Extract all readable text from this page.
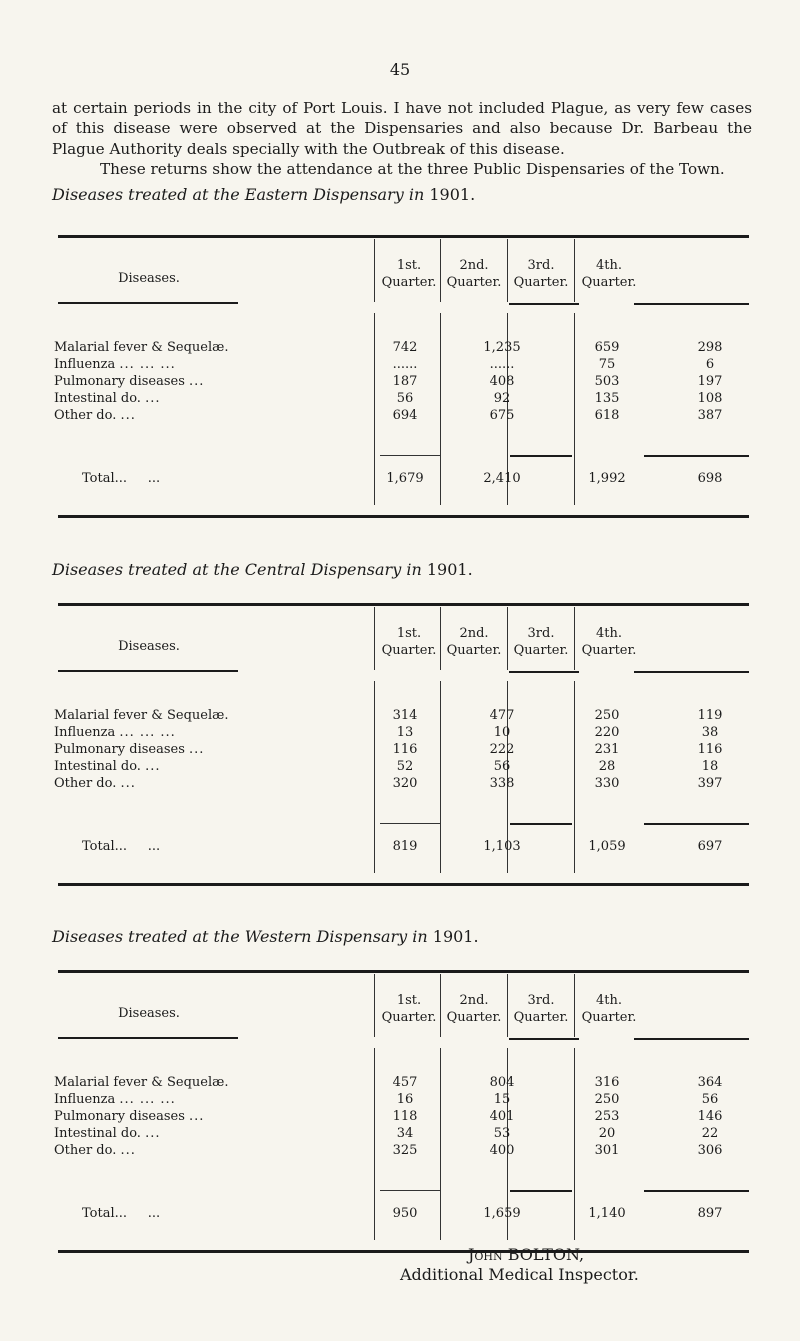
45

at certain periods in the city of Port Louis. I have not included Plague, as very few cases of this disease were observed at the Dispensaries and also because Dr. Barbeau the Plague Authority deals specially with the Outbreak of this disease.

These returns show the attendance at the three Public Dispensaries of the Town.

Diseases treated at the Eastern Dispensary in 1901.
Diseases.
1st.
Quarter.
2nd.
Quarter.
3rd.
Quarter.
4th.
Quarter.
Malarial fever & Sequelæ.	742	1,235	659	298
Influenza ... ... ...	......	......	75	6
Pulmonary diseases ...	187	408	503	197
Intestinal do. ...	56	92	135	108
Other do. ...	694	675	618	387
Total... ...	1,679	2,410	1,992	698
Diseases treated at the Central Dispensary in 1901.
Diseases.
1st.
Quarter.
2nd.
Quarter.
3rd.
Quarter.
4th.
Quarter.
Malarial fever & Sequelæ.	314	477	250	119
Influenza ... ... ...	13	10	220	38
Pulmonary diseases ...	116	222	231	116
Intestinal do. ...	52	56	28	18
Other do. ...	320	338	330	397
Total... ...	819	1,103	1,059	697
Diseases treated at the Western Dispensary in 1901.
Diseases.
1st.
Quarter.
2nd.
Quarter.
3rd.
Quarter.
4th.
Quarter.
Malarial fever & Sequelæ.	457	804	316	364
Influenza ... ... ...	16	15	250	56
Pulmonary diseases ...	118	401	253	146
Intestinal do. ...	34	53	20	22
Other do. ...	325	400	301	306
Total... ...	950	1,659	1,140	897
John BOLTON,
Additional Medical Inspector.
